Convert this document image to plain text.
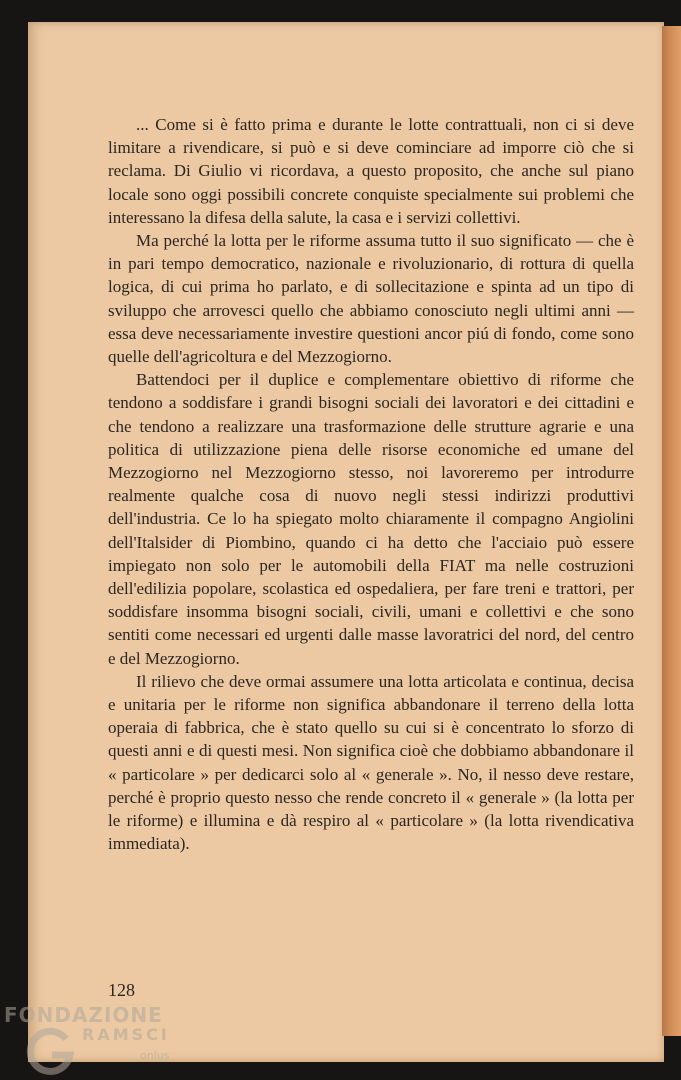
... Come si è fatto prima e durante le lotte contrattuali, non ci si deve limitare a rivendicare, si può e si deve cominciare ad imporre ciò che si reclama. Di Giulio vi ricordava, a questo proposito, che anche sul piano locale sono oggi possibili concrete conquiste specialmente sui problemi che interessano la difesa della salute, la casa e i servizi collettivi.

Ma perché la lotta per le riforme assuma tutto il suo significato — che è in pari tempo democratico, nazionale e rivoluzionario, di rottura di quella logica, di cui prima ho parlato, e di sollecitazione e spinta ad un tipo di sviluppo che arrovesci quello che abbiamo conosciuto negli ultimi anni — essa deve necessariamente investire questioni ancor piú di fondo, come sono quelle dell'agricoltura e del Mezzogiorno.

Battendoci per il duplice e complementare obiettivo di riforme che tendono a soddisfare i grandi bisogni sociali dei lavoratori e dei cittadini e che tendono a realizzare una trasformazione delle strutture agrarie e una politica di utilizzazione piena delle risorse economiche ed umane del Mezzogiorno nel Mezzogiorno stesso, noi lavoreremo per introdurre realmente qualche cosa di nuovo negli stessi indirizzi produttivi dell'industria. Ce lo ha spiegato molto chiaramente il compagno Angiolini dell'Italsider di Piombino, quando ci ha detto che l'acciaio può essere impiegato non solo per le automobili della FIAT ma nelle costruzioni dell'edilizia popolare, scolastica ed ospedaliera, per fare treni e trattori, per soddisfare insomma bisogni sociali, civili, umani e collettivi e che sono sentiti come necessari ed urgenti dalle masse lavoratrici del nord, del centro e del Mezzogiorno.

Il rilievo che deve ormai assumere una lotta articolata e continua, decisa e unitaria per le riforme non significa abbandonare il terreno della lotta operaia di fabbrica, che è stato quello su cui si è concentrato lo sforzo di questi anni e di questi mesi. Non significa cioè che dobbiamo abbandonare il « particolare » per dedicarci solo al « generale ». No, il nesso deve restare, perché è proprio questo nesso che rende concreto il « generale » (la lotta per le riforme) e illumina e dà respiro al « particolare » (la lotta rivendicativa immediata).

128
FONDAZIONE
RAMSCI
onlus
